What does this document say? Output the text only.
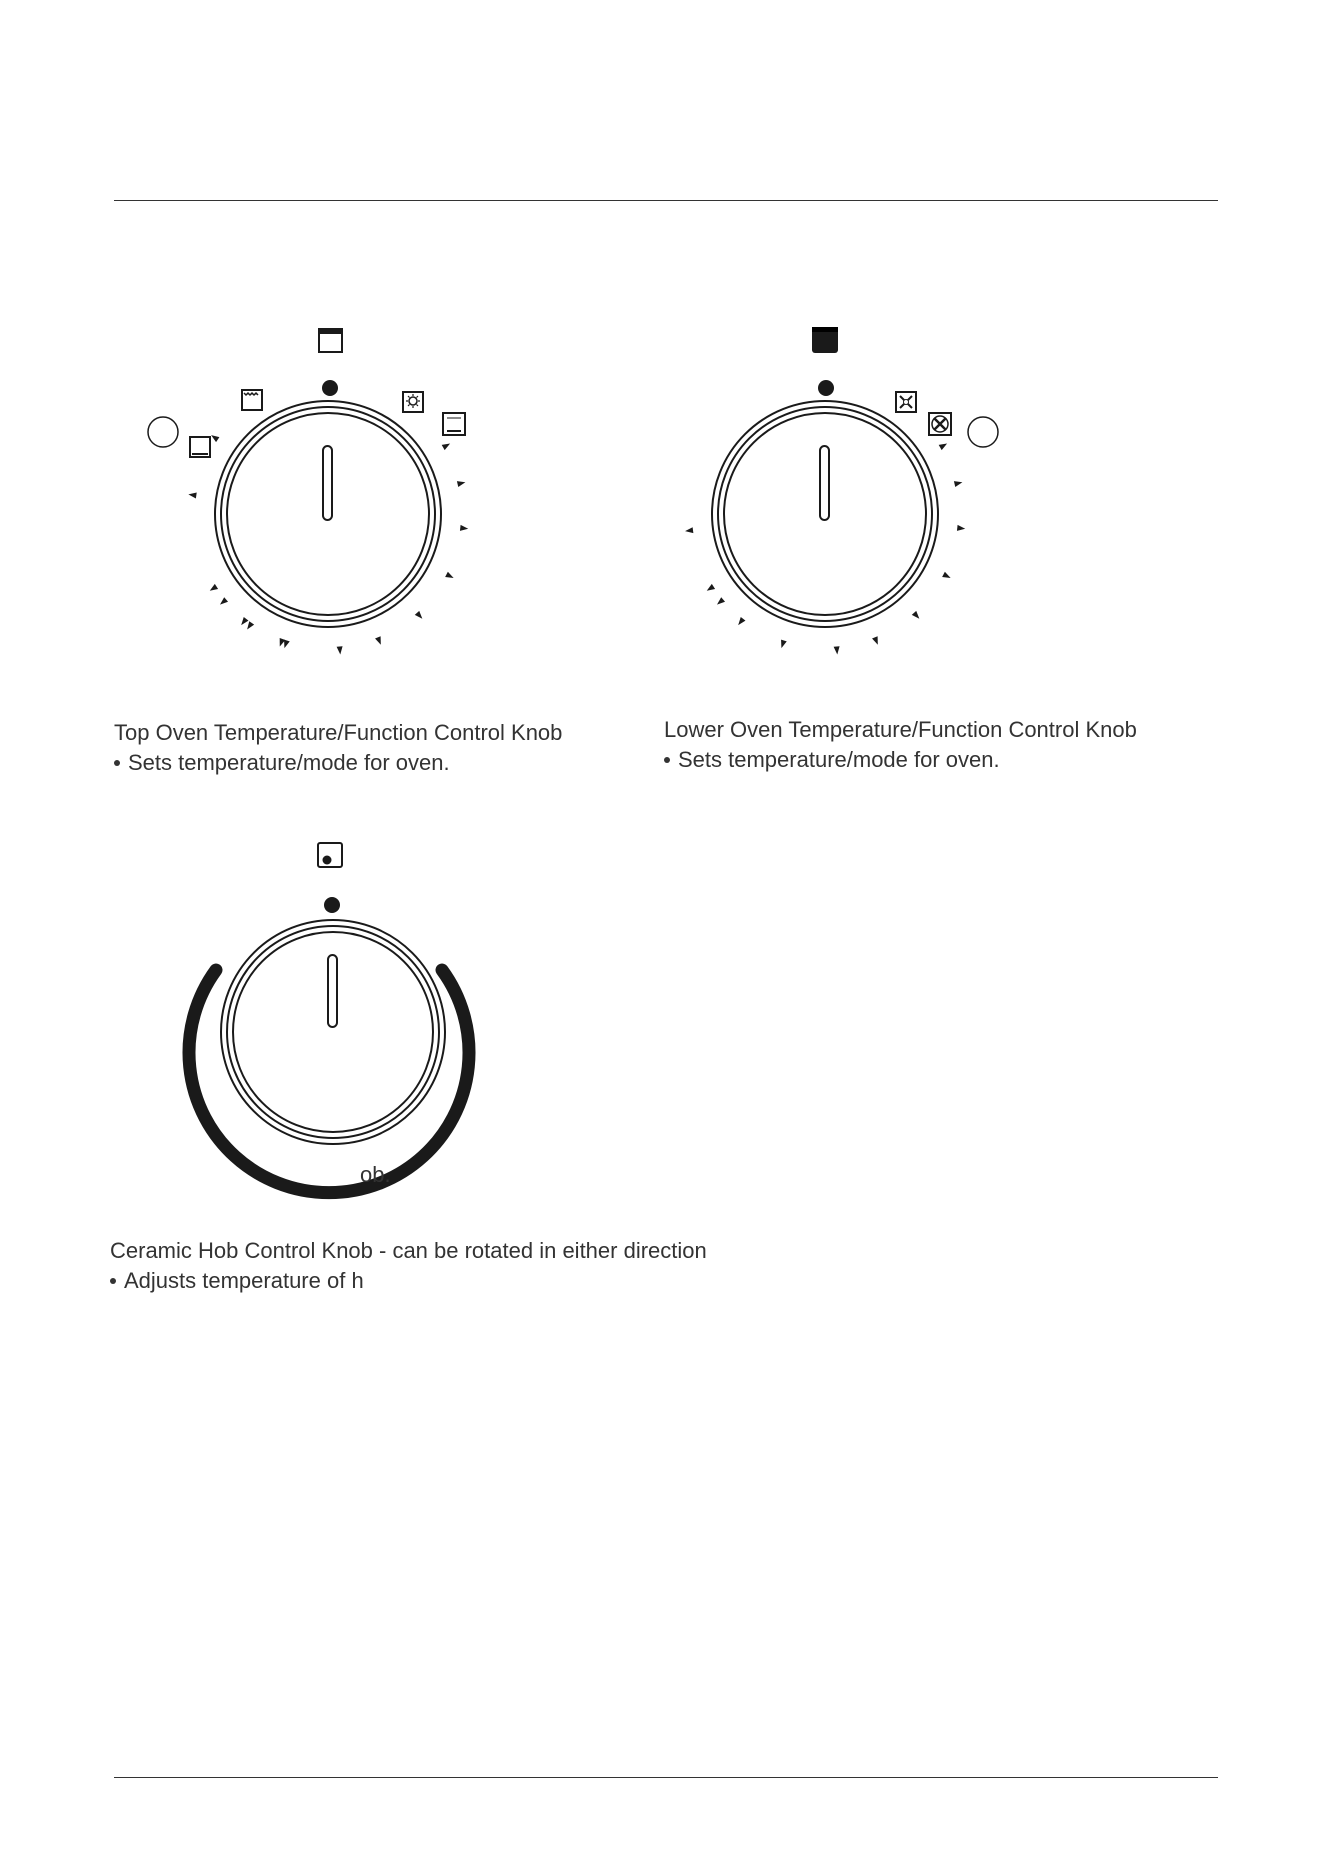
Top Oven Temperature/Function Control Knob
Sets temperature/mode for oven.
Lower Oven Temperature/Function Control Knob
Sets temperature/mode for oven.
ob.
Ceramic Hob Control Knob - can be rotated in either direction
Adjusts temperature of h
